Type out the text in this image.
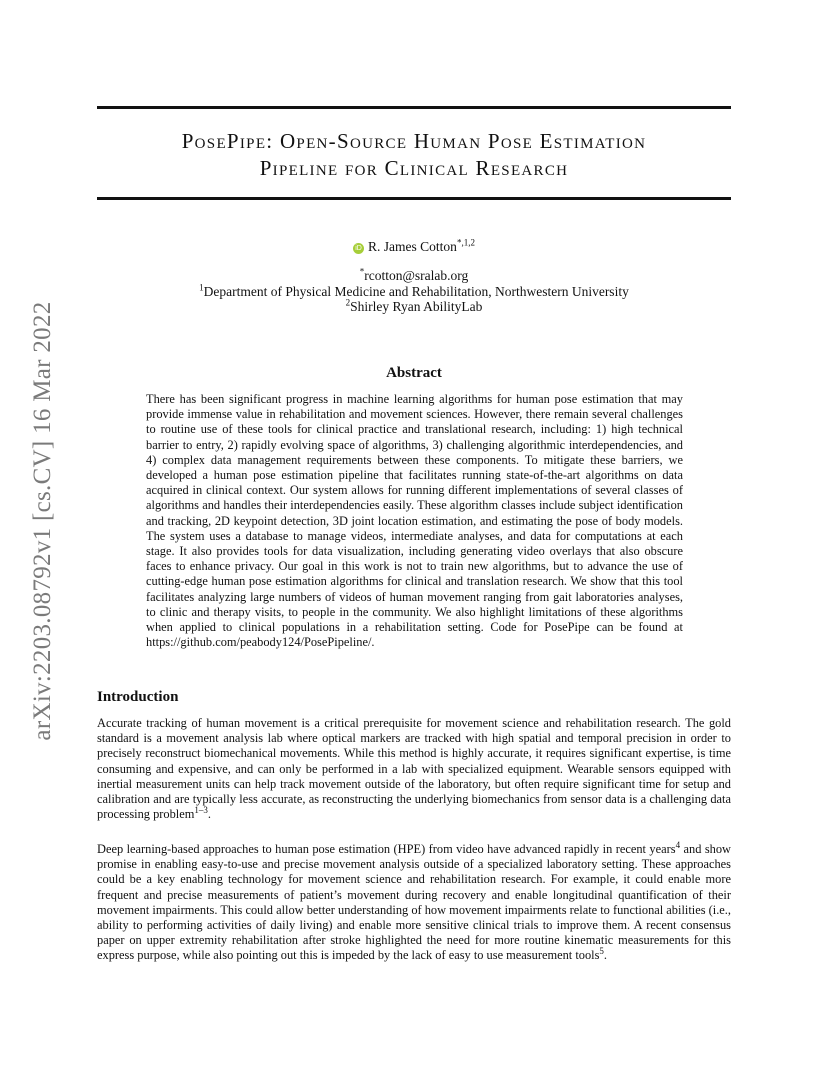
arXiv:2203.08792v1 [cs.CV] 16 Mar 2022
PosePipe: Open-Source Human Pose Estimation
Pipeline for Clinical Research
iD R. James Cotton$^{*,1,2}$
*rcotton@sralab.org
$^1$Department of Physical Medicine and Rehabilitation, Northwestern University
$^2$Shirley Ryan AbilityLab
Abstract
There has been significant progress in machine learning algorithms for human pose estimation that may provide immense value in rehabilitation and movement sciences. However, there remain several challenges to routine use of these tools for clinical practice and translational research, including: 1) high technical barrier to entry, 2) rapidly evolving space of algorithms, 3) challenging algorithmic interdependencies, and 4) complex data management requirements between these components. To mitigate these barriers, we developed a human pose estimation pipeline that facilitates running state-of-the-art algorithms on data acquired in clinical context. Our system allows for running different implementations of several classes of algorithms and handles their interdependencies easily. These algorithm classes include subject identification and tracking, 2D keypoint detection, 3D joint location estimation, and estimating the pose of body models. The system uses a database to manage videos, intermediate analyses, and data for computations at each stage. It also provides tools for data visualization, including generating video overlays that also obscure faces to enhance privacy. Our goal in this work is not to train new algorithms, but to advance the use of cutting-edge human pose estimation algorithms for clinical and translation research. We show that this tool facilitates analyzing large numbers of videos of human movement ranging from gait laboratories analyses, to clinic and therapy visits, to people in the community. We also highlight limitations of these algorithms when applied to clinical populations in a rehabilitation setting. Code for PosePipe can be found at https://github.com/peabody124/PosePipeline/.
Introduction
Accurate tracking of human movement is a critical prerequisite for movement science and rehabilitation research. The gold standard is a movement analysis lab where optical markers are tracked with high spatial and temporal precision in order to precisely reconstruct biomechanical movements. While this method is highly accurate, it requires significant expertise, is time consuming and expensive, and can only be performed in a lab with specialized equipment. Wearable sensors equipped with inertial measurement units can help track movement outside of the laboratory, but often require significant time for setup and calibration and are typically less accurate, as reconstructing the underlying biomechanics from sensor data is a challenging data processing problem$^{1-3}$.
Deep learning-based approaches to human pose estimation (HPE) from video have advanced rapidly in recent years$^4$ and show promise in enabling easy-to-use and precise movement analysis outside of a specialized laboratory setting. These approaches could be a key enabling technology for movement science and rehabilitation research. For example, it could enable more frequent and precise measurements of patient’s movement during recovery and enable longitudinal quantification of their movement impairments. This could allow better understanding of how movement impairments relate to functional abilities (i.e., ability to performing activities of daily living) and enable more sensitive clinical trials to improve them. A recent consensus paper on upper extremity rehabilitation after stroke highlighted the need for more routine kinematic measurements for this express purpose, while also pointing out this is impeded by the lack of easy to use measurement tools$^5$.
